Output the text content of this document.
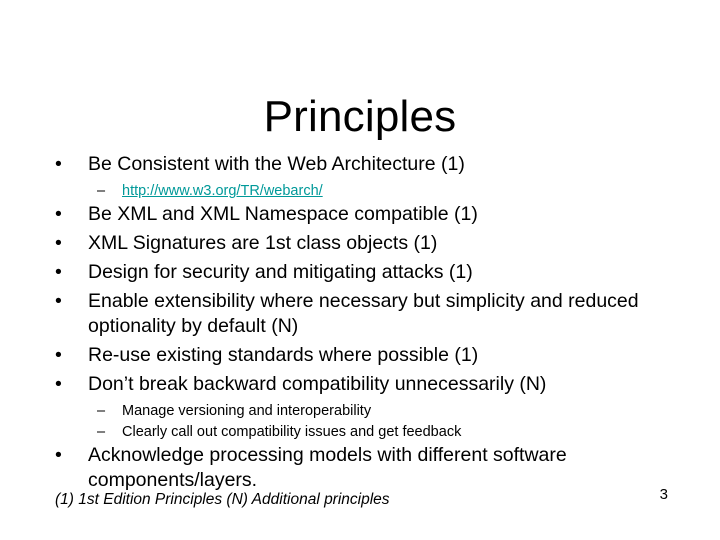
Principles
•	Be Consistent with the Web Architecture (1)
–	http://www.w3.org/TR/webarch/
•	Be XML and XML Namespace compatible (1)
•	XML Signatures are 1st class objects (1)
•	Design for security and mitigating attacks (1)
•	Enable extensibility where necessary but simplicity and reduced optionality by default (N)
•	Re-use existing standards where possible (1)
•	Don’t break backward compatibility unnecessarily (N)
–	Manage versioning and interoperability
–	Clearly call out compatibility issues and get feedback
•	Acknowledge processing models with different software components/layers.
(1) 1st Edition Principles (N) Additional principles	3
